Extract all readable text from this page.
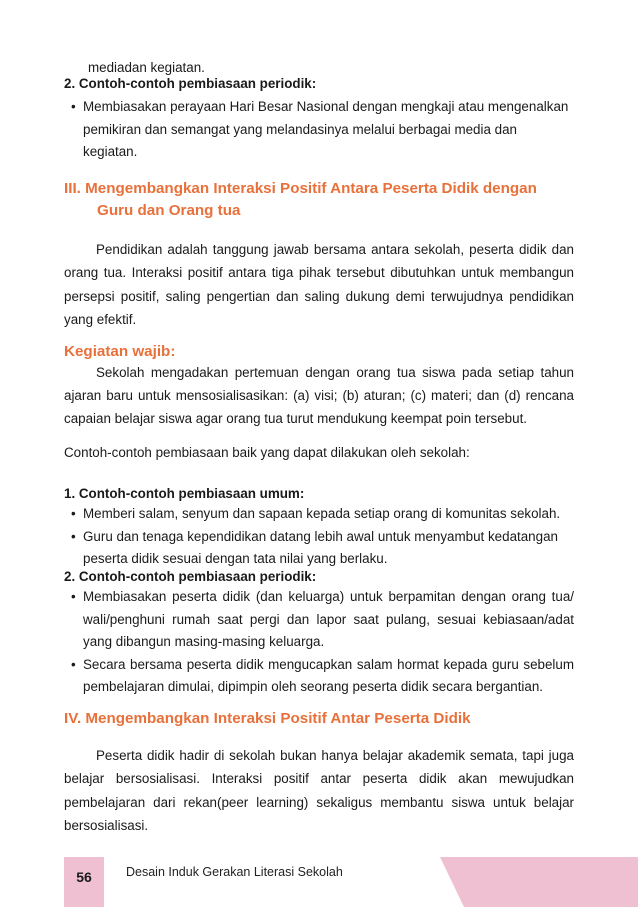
mediadan kegiatan.
2. Contoh-contoh pembiasaan periodik:
• Membiasakan perayaan Hari Besar Nasional dengan mengkaji atau mengenalkan pemikiran dan semangat yang melandasinya melalui berbagai media dan kegiatan.
III. Mengembangkan Interaksi Positif Antara Peserta Didik dengan
Guru dan Orang tua
Pendidikan adalah tanggung jawab bersama antara sekolah, peserta didik dan orang tua. Interaksi positif antara tiga pihak tersebut dibutuhkan untuk membangun persepsi positif, saling pengertian dan saling dukung demi terwujudnya pendidikan yang efektif.
Kegiatan wajib:
Sekolah mengadakan pertemuan dengan orang tua siswa pada setiap tahun ajaran baru untuk mensosialisasikan: (a) visi; (b) aturan; (c) materi; dan (d) rencana capaian belajar siswa agar orang tua turut mendukung keempat poin tersebut.
Contoh-contoh pembiasaan baik yang dapat dilakukan oleh sekolah:
1. Contoh-contoh pembiasaan umum:
• Memberi salam, senyum dan sapaan kepada setiap orang di komunitas sekolah.
• Guru dan tenaga kependidikan datang lebih awal untuk menyambut kedatangan peserta didik sesuai dengan tata nilai yang berlaku.
2. Contoh-contoh pembiasaan periodik:
• Membiasakan peserta didik (dan keluarga) untuk berpamitan dengan orang tua/ wali/penghuni rumah saat pergi dan lapor saat pulang, sesuai kebiasaan/adat yang dibangun masing-masing keluarga.
• Secara bersama peserta didik mengucapkan salam hormat kepada guru sebelum pembelajaran dimulai, dipimpin oleh seorang peserta didik secara bergantian.
IV. Mengembangkan Interaksi Positif Antar Peserta Didik
Peserta didik hadir di sekolah bukan hanya belajar akademik semata, tapi juga belajar bersosialisasi. Interaksi positif antar peserta didik akan mewujudkan pembelajaran dari rekan(peer learning) sekaligus membantu siswa untuk belajar bersosialisasi.
56	Desain Induk Gerakan Literasi Sekolah
